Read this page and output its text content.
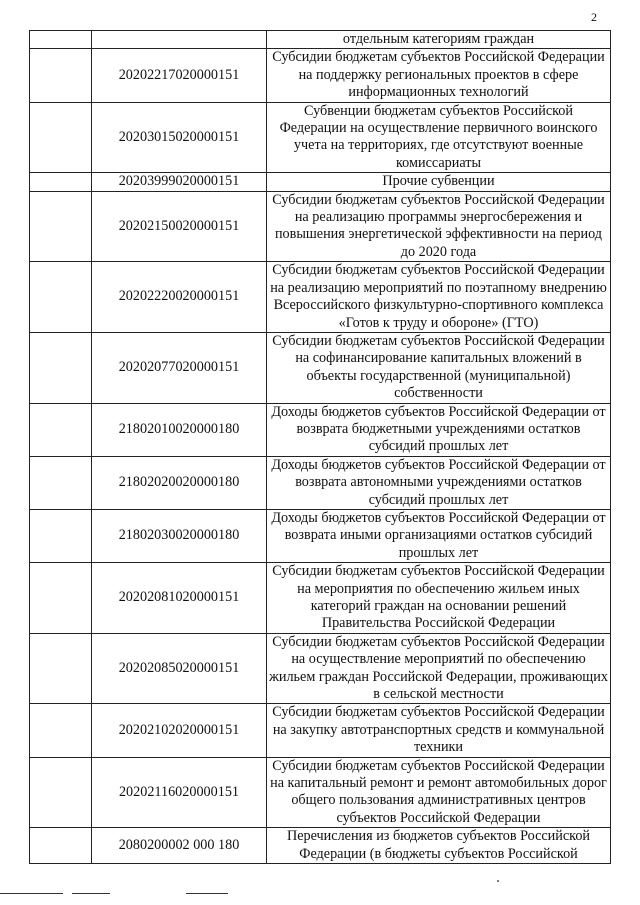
2

		отдельным категориям граждан

	20202217020000151	Субсидии бюджетам субъектов Российской Федерации
на поддержку региональных проектов в сфере
информационных технологий

	20203015020000151	Субвенции бюджетам субъектов Российской
Федерации на осуществление первичного воинского
учета на территориях, где отсутствуют военные
комиссариаты

	20203999020000151	Прочие субвенции

	20202150020000151	Субсидии бюджетам субъектов Российской Федерации
на реализацию программы энергосбережения и
повышения энергетической эффективности на период
до 2020 года

	20202220020000151	Субсидии бюджетам субъектов Российской Федерации
на реализацию мероприятий по поэтапному внедрению
Всероссийского физкультурно-спортивного комплекса
«Готов к труду и обороне» (ГТО)

	20202077020000151	Субсидии бюджетам субъектов Российской Федерации
на софинансирование капитальных вложений в
объекты государственной (муниципальной)
собственности

	21802010020000180	Доходы бюджетов субъектов Российской Федерации от
возврата бюджетными учреждениями остатков
субсидий прошлых лет

	21802020020000180	Доходы бюджетов субъектов Российской Федерации от
возврата автономными учреждениями остатков
субсидий прошлых лет

	21802030020000180	Доходы бюджетов субъектов Российской Федерации от
возврата иными организациями остатков субсидий
прошлых лет

	20202081020000151	Субсидии бюджетам субъектов Российской Федерации
на мероприятия по обеспечению жильем иных
категорий граждан на основании решений
Правительства Российской Федерации

	20202085020000151	Субсидии бюджетам субъектов Российской Федерации
на осуществление мероприятий по обеспечению
жильем граждан Российской Федерации, проживающих
в сельской местности

	20202102020000151	Субсидии бюджетам субъектов Российской Федерации
на закупку автотранспортных средств и коммунальной
техники

	20202116020000151	Субсидии бюджетам субъектов Российской Федерации
на капитальный ремонт и ремонт автомобильных дорог
общего пользования административных центров
субъектов Российской Федерации

	2080200002 000 180	Перечисления из бюджетов субъектов Российской
Федерации (в бюджеты субъектов Российской
